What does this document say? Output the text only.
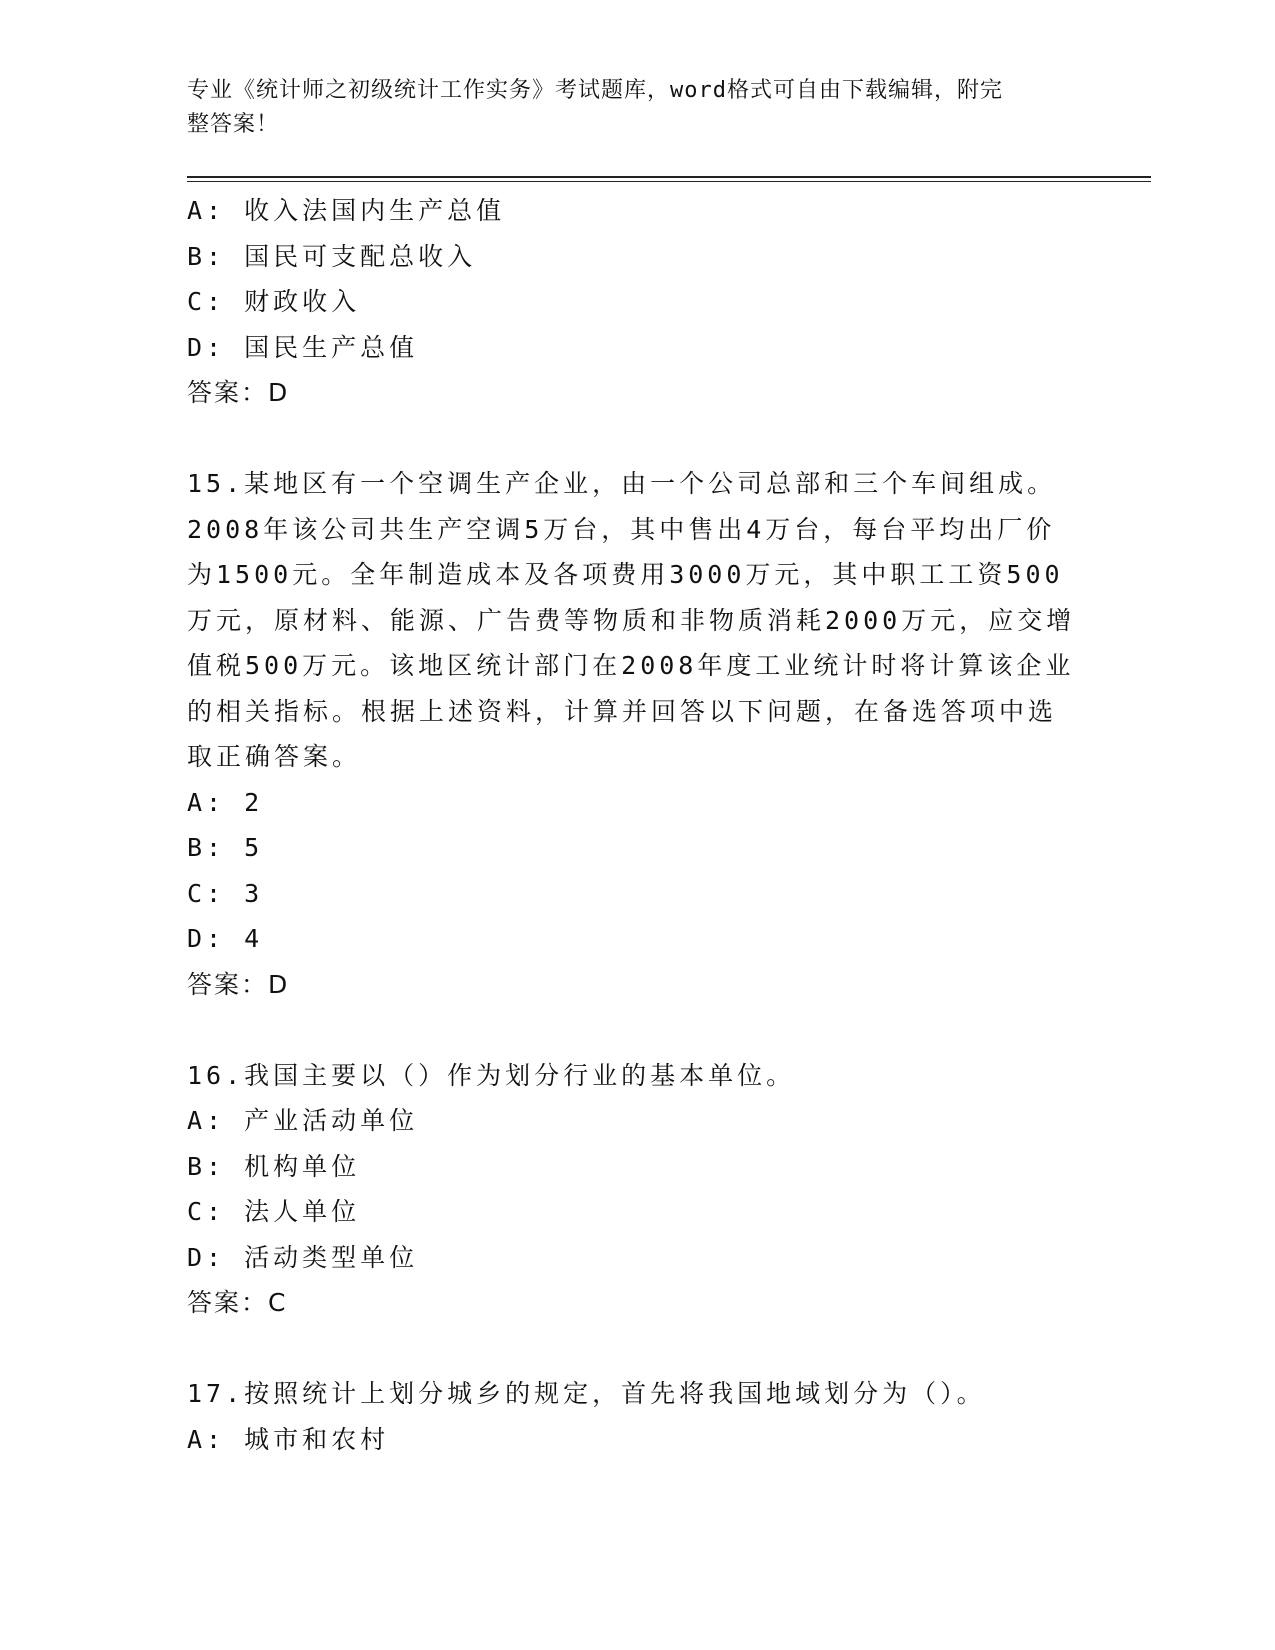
专业《统计师之初级统计工作实务》考试题库，word格式可自由下载编辑，附完
整答案！
A: 收入法国内生产总值
B: 国民可支配总收入
C: 财政收入
D: 国民生产总值
答案：D
15.某地区有一个空调生产企业，由一个公司总部和三个车间组成。
2008年该公司共生产空调5万台，其中售出4万台，每台平均出厂价
为1500元。全年制造成本及各项费用3000万元，其中职工工资500
万元，原材料、能源、广告费等物质和非物质消耗2000万元，应交增
值税500万元。该地区统计部门在2008年度工业统计时将计算该企业
的相关指标。根据上述资料，计算并回答以下问题，在备选答项中选
取正确答案。
A: 2
B: 5
C: 3
D: 4
答案：D
16.我国主要以（）作为划分行业的基本单位。
A: 产业活动单位
B: 机构单位
C: 法人单位
D: 活动类型单位
答案：C
17.按照统计上划分城乡的规定，首先将我国地域划分为（）。
A: 城市和农村
